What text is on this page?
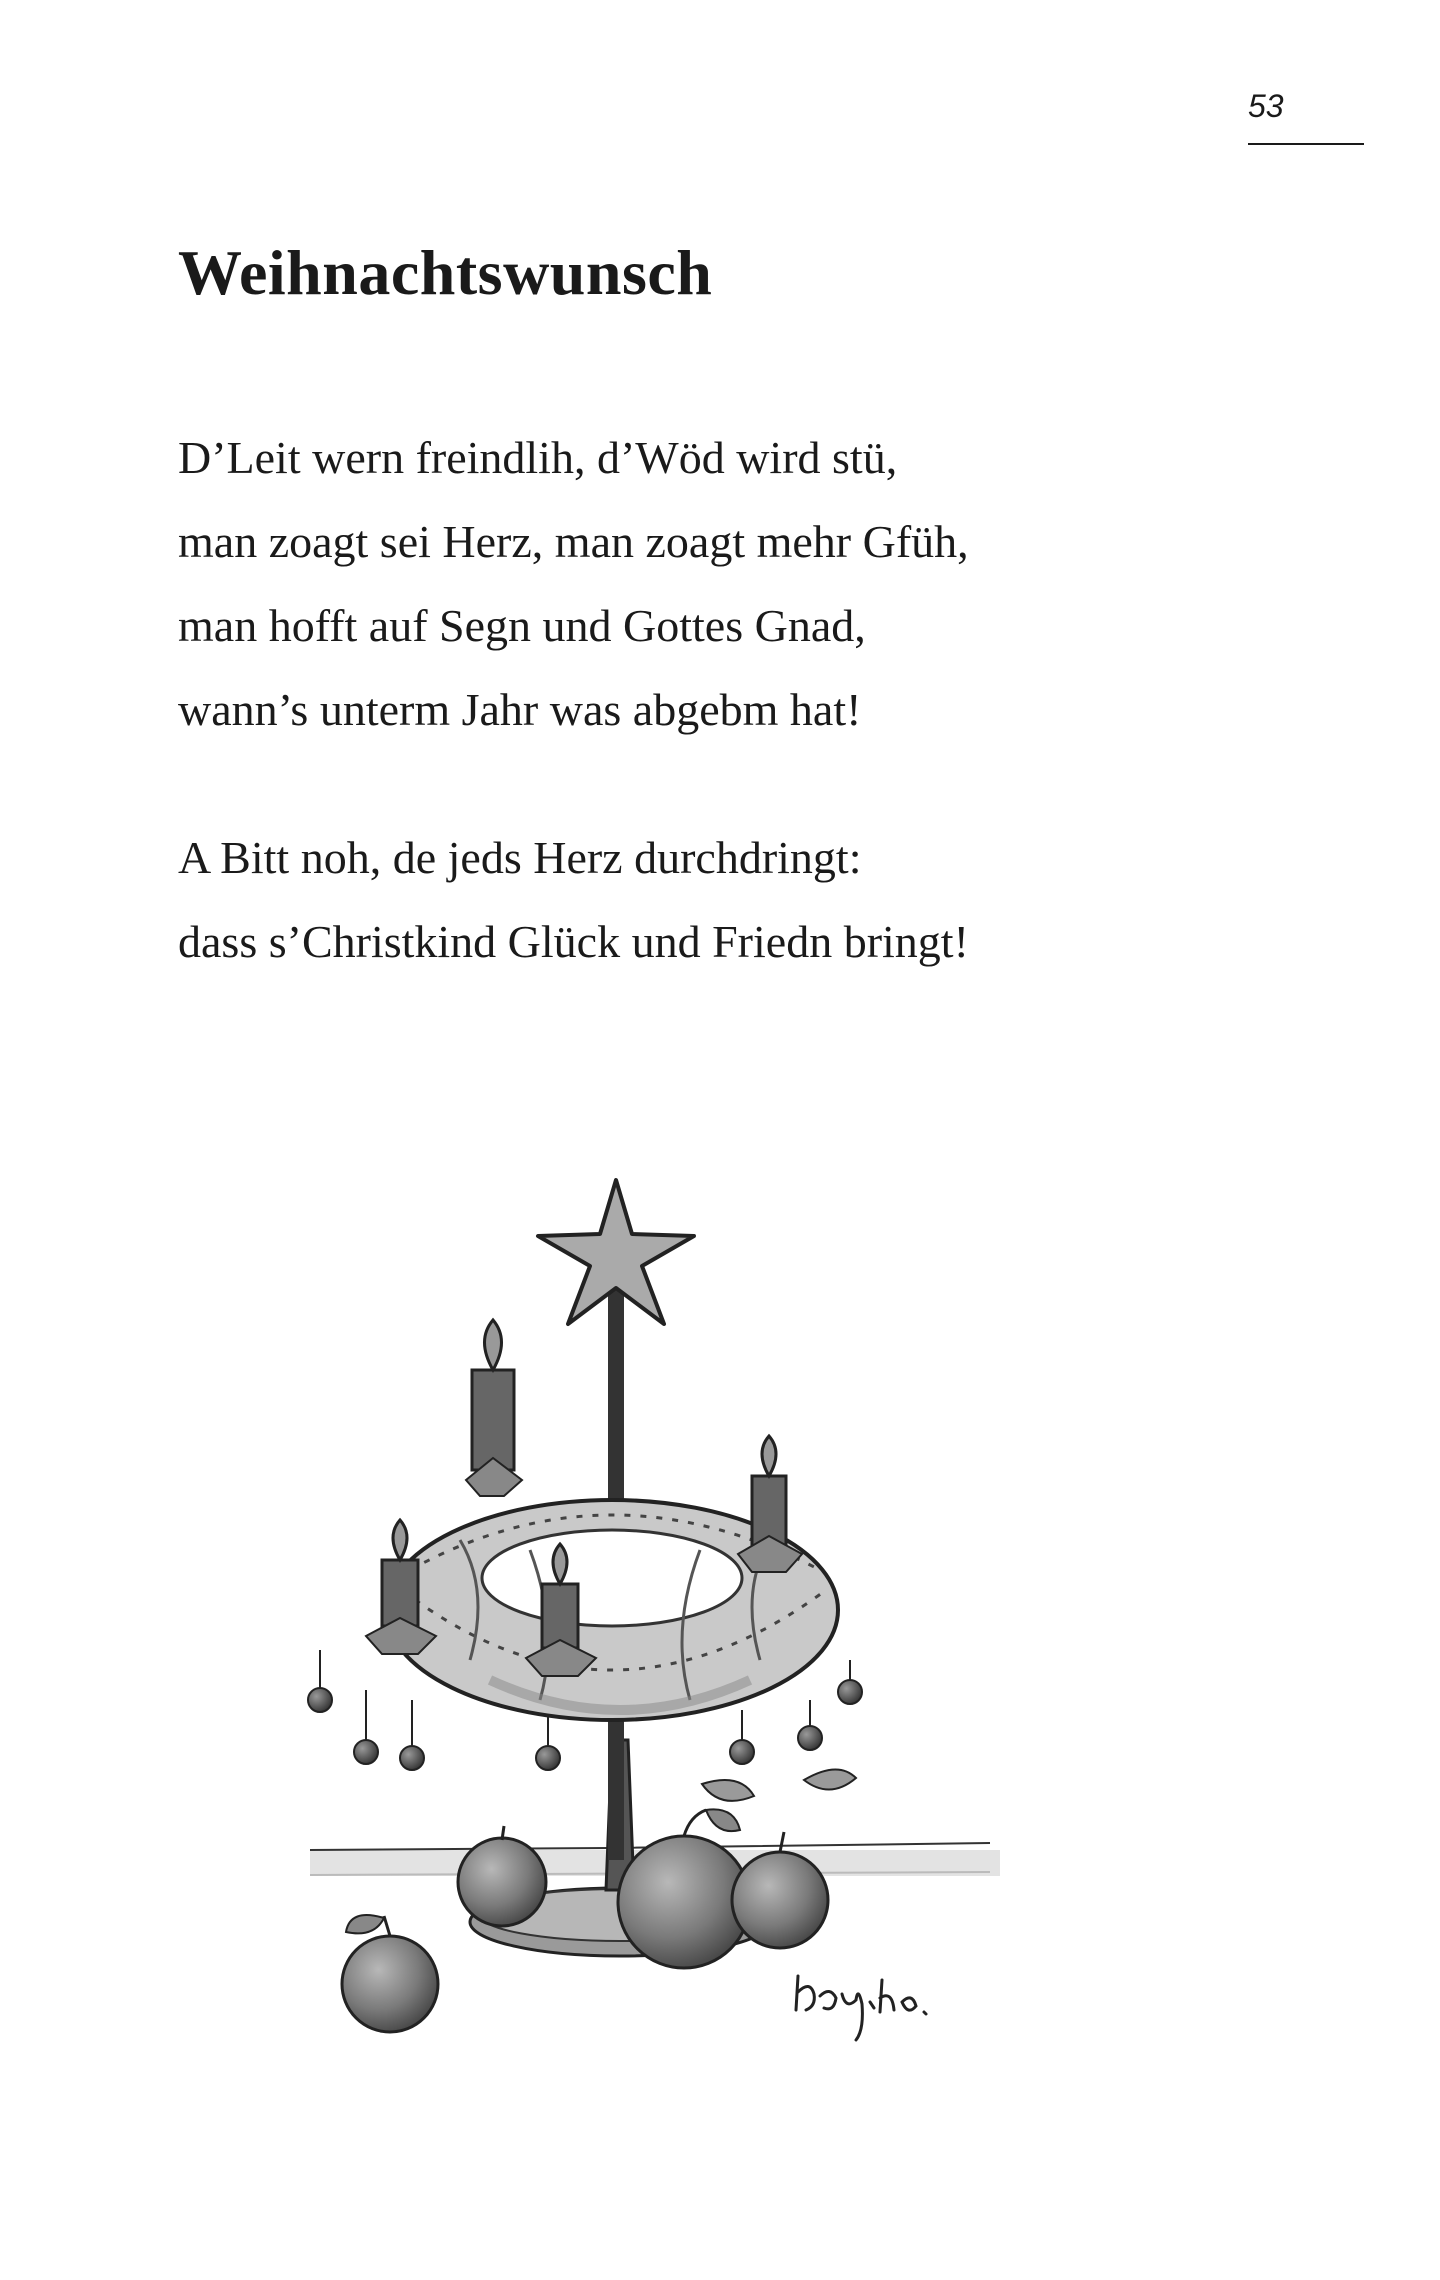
53
Weihnachtswunsch
D’Leit wern freindlih, d’Wöd wird stü,
man zoagt sei Herz, man zoagt mehr Gfüh,
man hofft auf Segn und Gottes Gnad,
wann’s unterm Jahr was abgebm hat!
A Bitt noh, de jeds Herz durchdringt:
dass s’Christkind Glück und Friedn bringt!
